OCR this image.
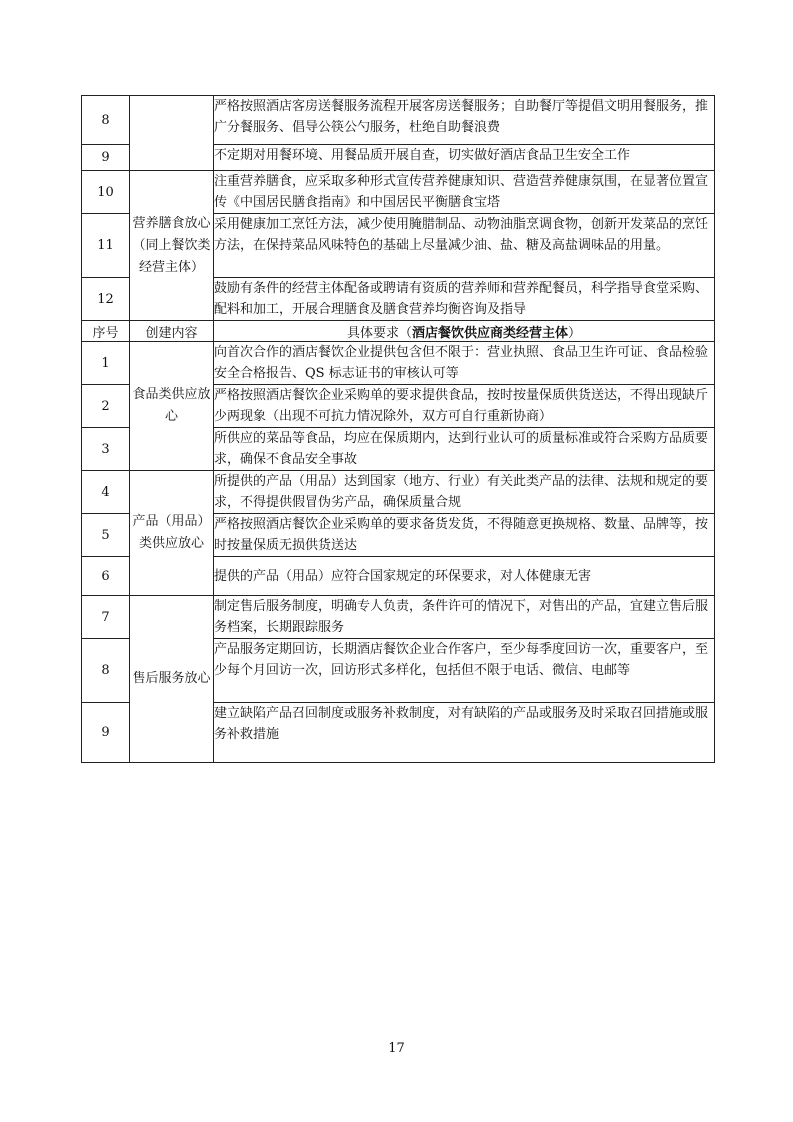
8		严格按照酒店客房送餐服务流程开展客房送餐服务；自助餐厅等提倡文明用餐服务，推广分餐服务、倡导公筷公勺服务，杜绝自助餐浪费
9		不定期对用餐环境、用餐品质开展自查，切实做好酒店食品卫生安全工作
10	营养膳食放心（同上餐饮类经营主体）	注重营养膳食，应采取多种形式宣传营养健康知识、营造营养健康氛围，在显著位置宣传《中国居民膳食指南》和中国居民平衡膳食宝塔
11		采用健康加工烹饪方法，减少使用腌腊制品、动物油脂烹调食物，创新开发菜品的烹饪方法，在保持菜品风味特色的基础上尽量减少油、盐、糖及高盐调味品的用量。
12		鼓励有条件的经营主体配备或聘请有资质的营养师和营养配餐员，科学指导食堂采购、配料和加工，开展合理膳食及膳食营养均衡咨询及指导
序号	创建内容	具体要求（酒店餐饮供应商类经营主体）
1	食品类供应放心	向首次合作的酒店餐饮企业提供包含但不限于：营业执照、食品卫生许可证、食品检验安全合格报告、QS 标志证书的审核认可等
2		严格按照酒店餐饮企业采购单的要求提供食品，按时按量保质供货送达，不得出现缺斤少两现象（出现不可抗力情况除外，双方可自行重新协商）
3		所供应的菜品等食品，均应在保质期内，达到行业认可的质量标准或符合采购方品质要求，确保不食品安全事故
4	产品（用品）类供应放心	所提供的产品（用品）达到国家（地方、行业）有关此类产品的法律、法规和规定的要求，不得提供假冒伪劣产品，确保质量合规
5		严格按照酒店餐饮企业采购单的要求备货发货，不得随意更换规格、数量、品牌等，按时按量保质无损供货送达
6		提供的产品（用品）应符合国家规定的环保要求，对人体健康无害
7	售后服务放心	制定售后服务制度，明确专人负责，条件许可的情况下，对售出的产品，宜建立售后服务档案，长期跟踪服务
8		产品服务定期回访，长期酒店餐饮企业合作客户，至少每季度回访一次，重要客户，至少每个月回访一次，回访形式多样化，包括但不限于电话、微信、电邮等
9		建立缺陷产品召回制度或服务补救制度，对有缺陷的产品或服务及时采取召回措施或服务补救措施
17
